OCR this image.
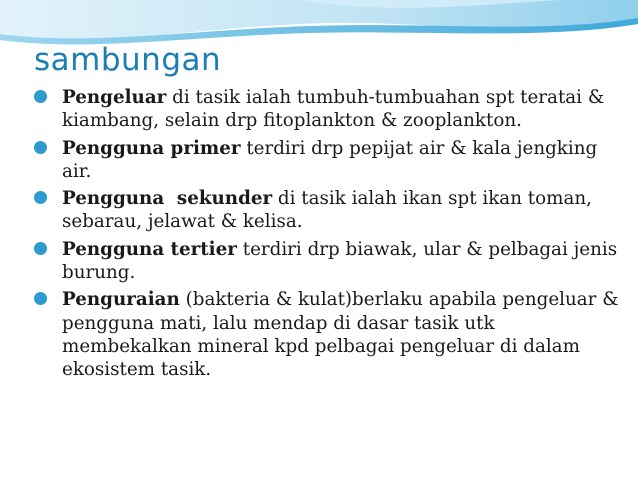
sambungan
Pengeluar di tasik ialah tumbuh-tumbuahan spt teratai & kiambang, selain drp fitoplankton & zooplankton.
Pengguna primer terdiri drp pepijat air & kala jengking air.
Pengguna  sekunder di tasik ialah ikan spt ikan toman, sebarau, jelawat & kelisa.
Pengguna tertier terdiri drp biawak, ular & pelbagai jenis burung.
Penguraian (bakteria & kulat)berlaku apabila pengeluar & pengguna mati, lalu mendap di dasar tasik utk membekalkan mineral kpd pelbagai pengeluar di dalam ekosistem tasik.
